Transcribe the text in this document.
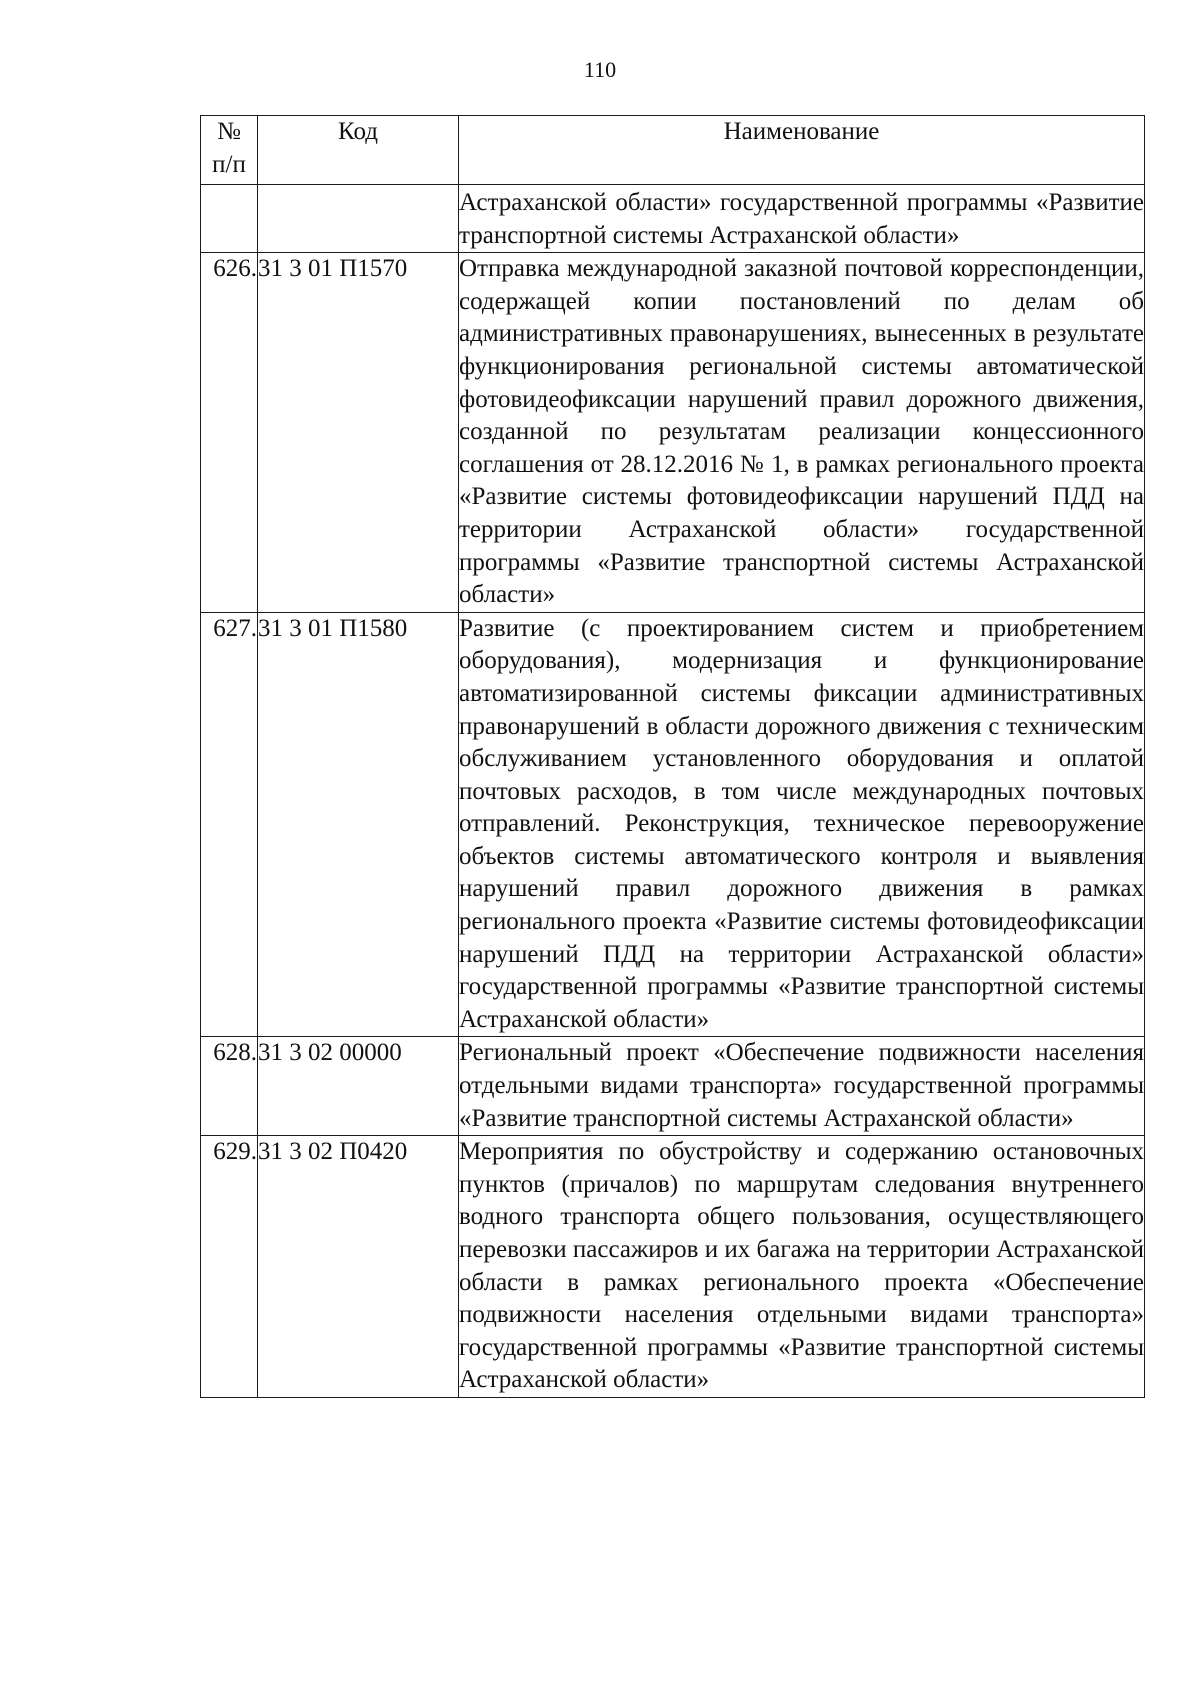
110
№
п/п	Код	Наименование
		Астраханской области» государственной программы «Развитие транспортной системы Астраханской области»
626.	31 3 01 П1570	Отправка международной заказной почтовой корреспонденции, содержащей копии постановлений по делам об административных правонарушениях, вынесенных в результате функционирования региональной системы автоматической фотовидеофиксации нарушений правил дорожного движения, созданной по результатам реализации концессионного соглашения от 28.12.2016 № 1, в рамках регионального проекта «Развитие системы фотовидеофиксации нарушений ПДД на территории Астраханской области» государственной программы «Развитие транспортной системы Астраханской области»
627.	31 3 01 П1580	Развитие (с проектированием систем и приобретением оборудования), модернизация и функционирование автоматизированной системы фиксации административных правонарушений в области дорожного движения с техническим обслуживанием установленного оборудования и оплатой почтовых расходов, в том числе международных почтовых отправлений. Реконструкция, техническое перевооружение объектов системы автоматического контроля и выявления нарушений правил дорожного движения в рамках регионального проекта «Развитие системы фотовидеофиксации нарушений ПДД на территории Астраханской области» государственной программы «Развитие транспортной системы Астраханской области»
628.	31 3 02 00000	Региональный проект «Обеспечение подвижности населения отдельными видами транспорта» государственной программы «Развитие транспортной системы Астраханской области»
629.	31 3 02 П0420	Мероприятия по обустройству и содержанию остановочных пунктов (причалов) по маршрутам следования внутреннего водного транспорта общего пользования, осуществляющего перевозки пассажиров и их багажа на территории Астраханской области в рамках регионального проекта «Обеспечение подвижности населения отдельными видами транспорта» государственной программы «Развитие транспортной системы Астраханской области»
